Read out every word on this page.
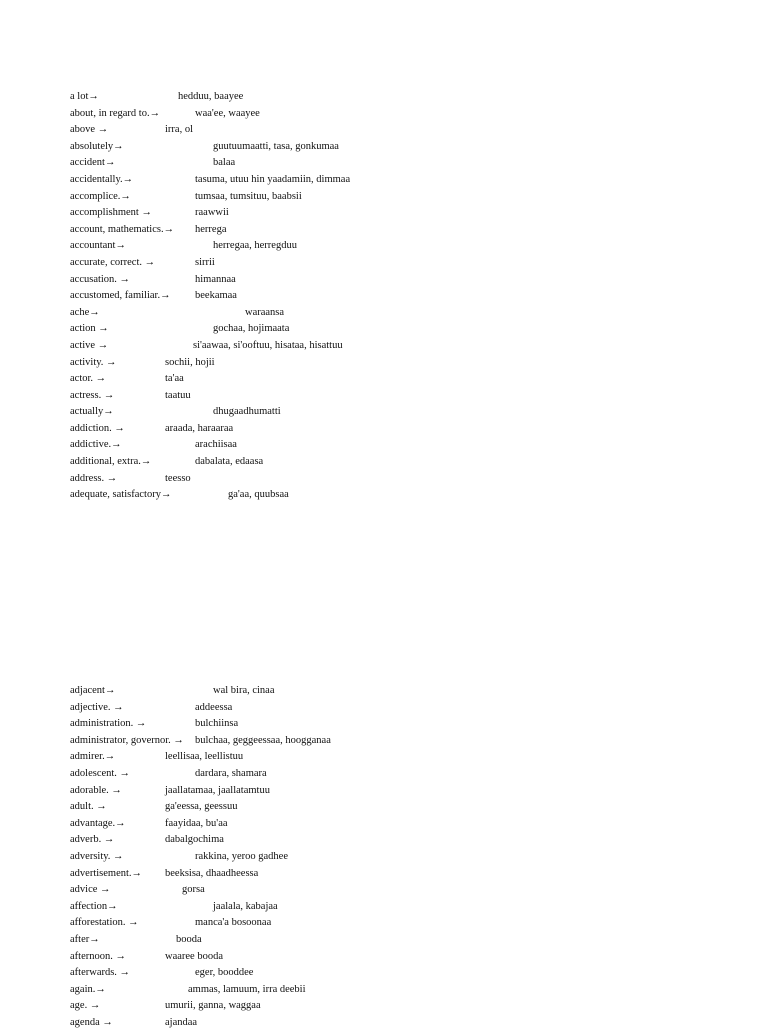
a lot→	hedduu, baayee
about, in regard to.→	waa'ee, waayee
above →	irra, ol
absolutely→	guutuumaatti, tasa, gonkumaa
accident→	balaa
accidentally.→	tasuma, utuu hin yaadamiin, dimmaa
accomplice.→	tumsaa, tumsituu, baabsii
accomplishment →	raawwii
account, mathematics.→ herrega
accountant→	herregaa, herregduu
accurate, correct. →	sirrii
accusation. →	himannaa
accustomed, familiar.→ beekamaa
ache→	waraansa
action →	gochaa, hojimaata
active →	si'aawaa, si'ooftuu, hisataa, hisattuu
activity. →	sochii, hojii
actor. →	ta'aa
actress. →	taatuu
actually→	dhugaadhumatti
addiction. →	araada, haraaraa
addictive.→	arachiisaa
additional, extra.→	dabalata, edaasa
address. →	teesso
adequate, satisfactory→	ga'aa, quubsaa
adjacent→	wal bira, cinaa
adjective. →	addeessa
administration. →	bulchiinsa
administrator, governor. → bulchaa, geggeessaa, hoogganaa
admirer.→	leellisaa, leellistuu
adolescent. →	dardara, shamara
adorable. →	jaallatamaa, jaallatamtuu
adult. →	ga'eessa, geessuu
advantage.→	faayidaa, bu'aa
adverb. →	dabalgochima
adversity. →	rakkina, yeroo gadhee
advertisement.→ beeksisa, dhaadheessa
advice →	gorsa
affection→	jaalala, kabajaa
afforestation. →	manca'a bosoonaa
after→	booda
afternoon. →	waaree booda
afterwards. →	eger, booddee
again.→	ammas, lamuum, irra deebii
age. →	umurii, ganna, waggaa
agenda →	ajandaa
